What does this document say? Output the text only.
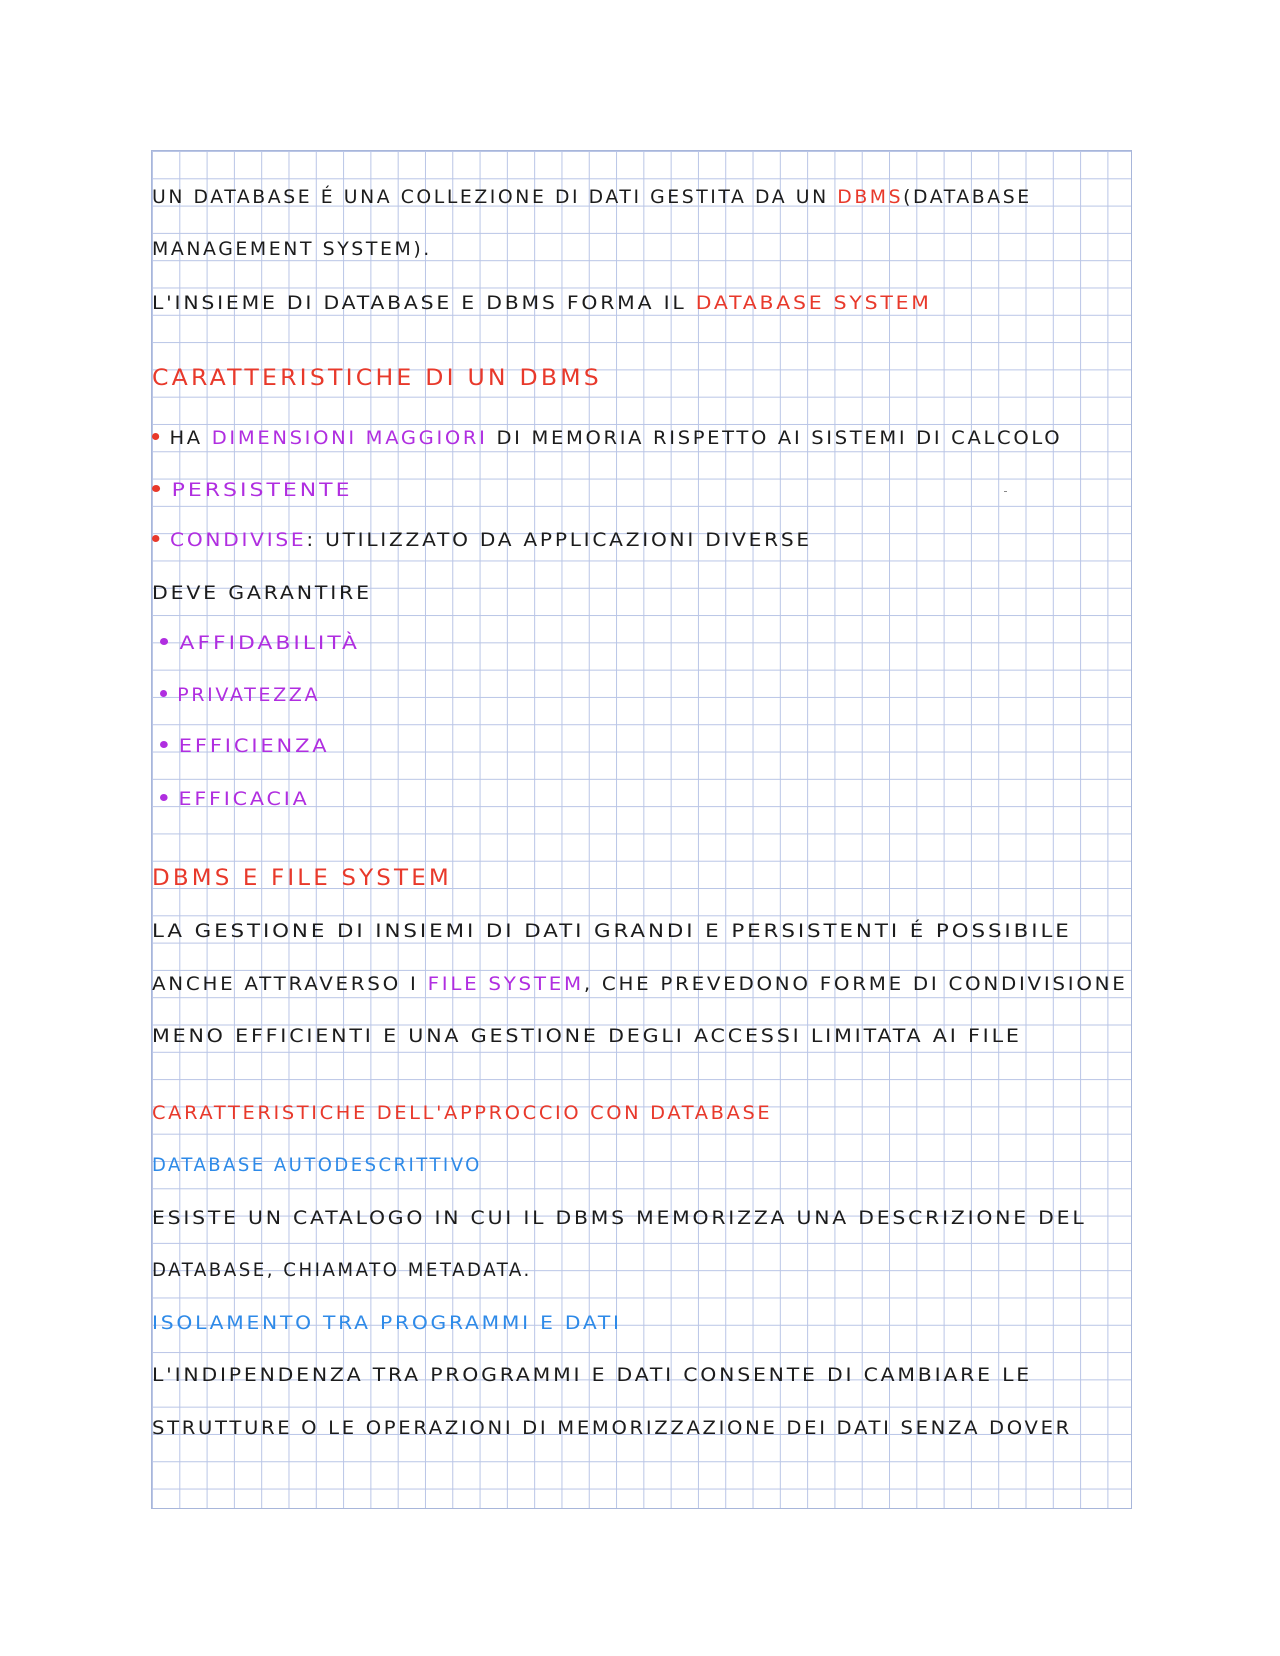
UN DATABASE É UNA COLLEZIONE DI DATI GESTITA DA UN DBMS(DATABASE
MANAGEMENT SYSTEM).
L'INSIEME DI DATABASE E DBMS FORMA IL DATABASE SYSTEM
CARATTERISTICHE DI UN DBMS
HA DIMENSIONI MAGGIORI DI MEMORIA RISPETTO AI SISTEMI DI CALCOLO
PERSISTENTE
CONDIVISE: UTILIZZATO DA APPLICAZIONI DIVERSE
DEVE GARANTIRE
AFFIDABILITÀ
PRIVATEZZA
EFFICIENZA
EFFICACIA
DBMS E FILE SYSTEM
LA GESTIONE DI INSIEMI DI DATI GRANDI E PERSISTENTI É POSSIBILE
ANCHE ATTRAVERSO I FILE SYSTEM, CHE PREVEDONO FORME DI CONDIVISIONE
MENO EFFICIENTI E UNA GESTIONE DEGLI ACCESSI LIMITATA AI FILE
CARATTERISTICHE DELL'APPROCCIO CON DATABASE
DATABASE AUTODESCRITTIVO
ESISTE UN CATALOGO IN CUI IL DBMS MEMORIZZA UNA DESCRIZIONE DEL
DATABASE, CHIAMATO METADATA.
ISOLAMENTO TRA PROGRAMMI E DATI
L'INDIPENDENZA TRA PROGRAMMI E DATI CONSENTE DI CAMBIARE LE
STRUTTURE O LE OPERAZIONI DI MEMORIZZAZIONE DEI DATI SENZA DOVER
